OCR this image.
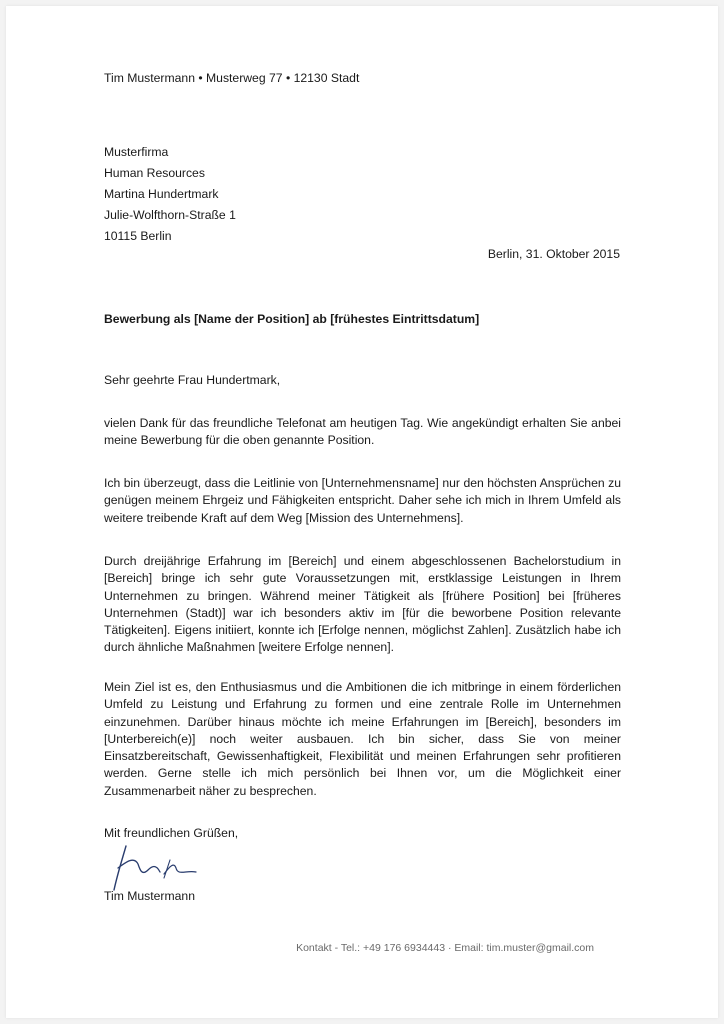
Tim Mustermann • Musterweg 77 • 12130 Stadt
Musterfirma
Human Resources
Martina Hundertmark
Julie-Wolfthorn-Straße 1
10115 Berlin
Berlin, 31. Oktober 2015
Bewerbung als [Name der Position] ab [frühestes Eintrittsdatum]
Sehr geehrte Frau Hundertmark,
vielen Dank für das freundliche Telefonat am heutigen Tag. Wie angekündigt erhalten Sie anbei meine Bewerbung für die oben genannte Position.
Ich bin überzeugt, dass die Leitlinie von [Unternehmensname] nur den höchsten Ansprüchen zu genügen meinem Ehrgeiz und Fähigkeiten entspricht. Daher sehe ich mich in Ihrem Umfeld als weitere treibende Kraft auf dem Weg [Mission des Unternehmens].
Durch dreijährige Erfahrung im [Bereich] und einem abgeschlossenen Bachelorstudium in [Bereich] bringe ich sehr gute Voraussetzungen mit, erstklassige Leistungen in Ihrem Unternehmen zu bringen. Während meiner Tätigkeit als [frühere Position] bei [früheres Unternehmen (Stadt)] war ich besonders aktiv im [für die beworbene Position relevante Tätigkeiten]. Eigens initiiert, konnte ich [Erfolge nennen, möglichst Zahlen]. Zusätzlich habe ich durch ähnliche Maßnahmen [weitere Erfolge nennen].
Mein Ziel ist es, den Enthusiasmus und die Ambitionen die ich mitbringe in einem förderlichen Umfeld zu Leistung und Erfahrung zu formen und eine zentrale Rolle im Unternehmen einzunehmen. Darüber hinaus möchte ich meine Erfahrungen im [Bereich], besonders im [Unterbereich(e)] noch weiter ausbauen. Ich bin sicher, dass Sie von meiner Einsatzbereitschaft, Gewissenhaftigkeit, Flexibilität und meinen Erfahrungen sehr profitieren werden. Gerne stelle ich mich persönlich bei Ihnen vor, um die Möglichkeit einer Zusammenarbeit näher zu besprechen.
Mit freundlichen Grüßen,
Tim Mustermann
Kontakt - Tel.: +49 176 6934443 · Email: tim.muster@gmail.com
